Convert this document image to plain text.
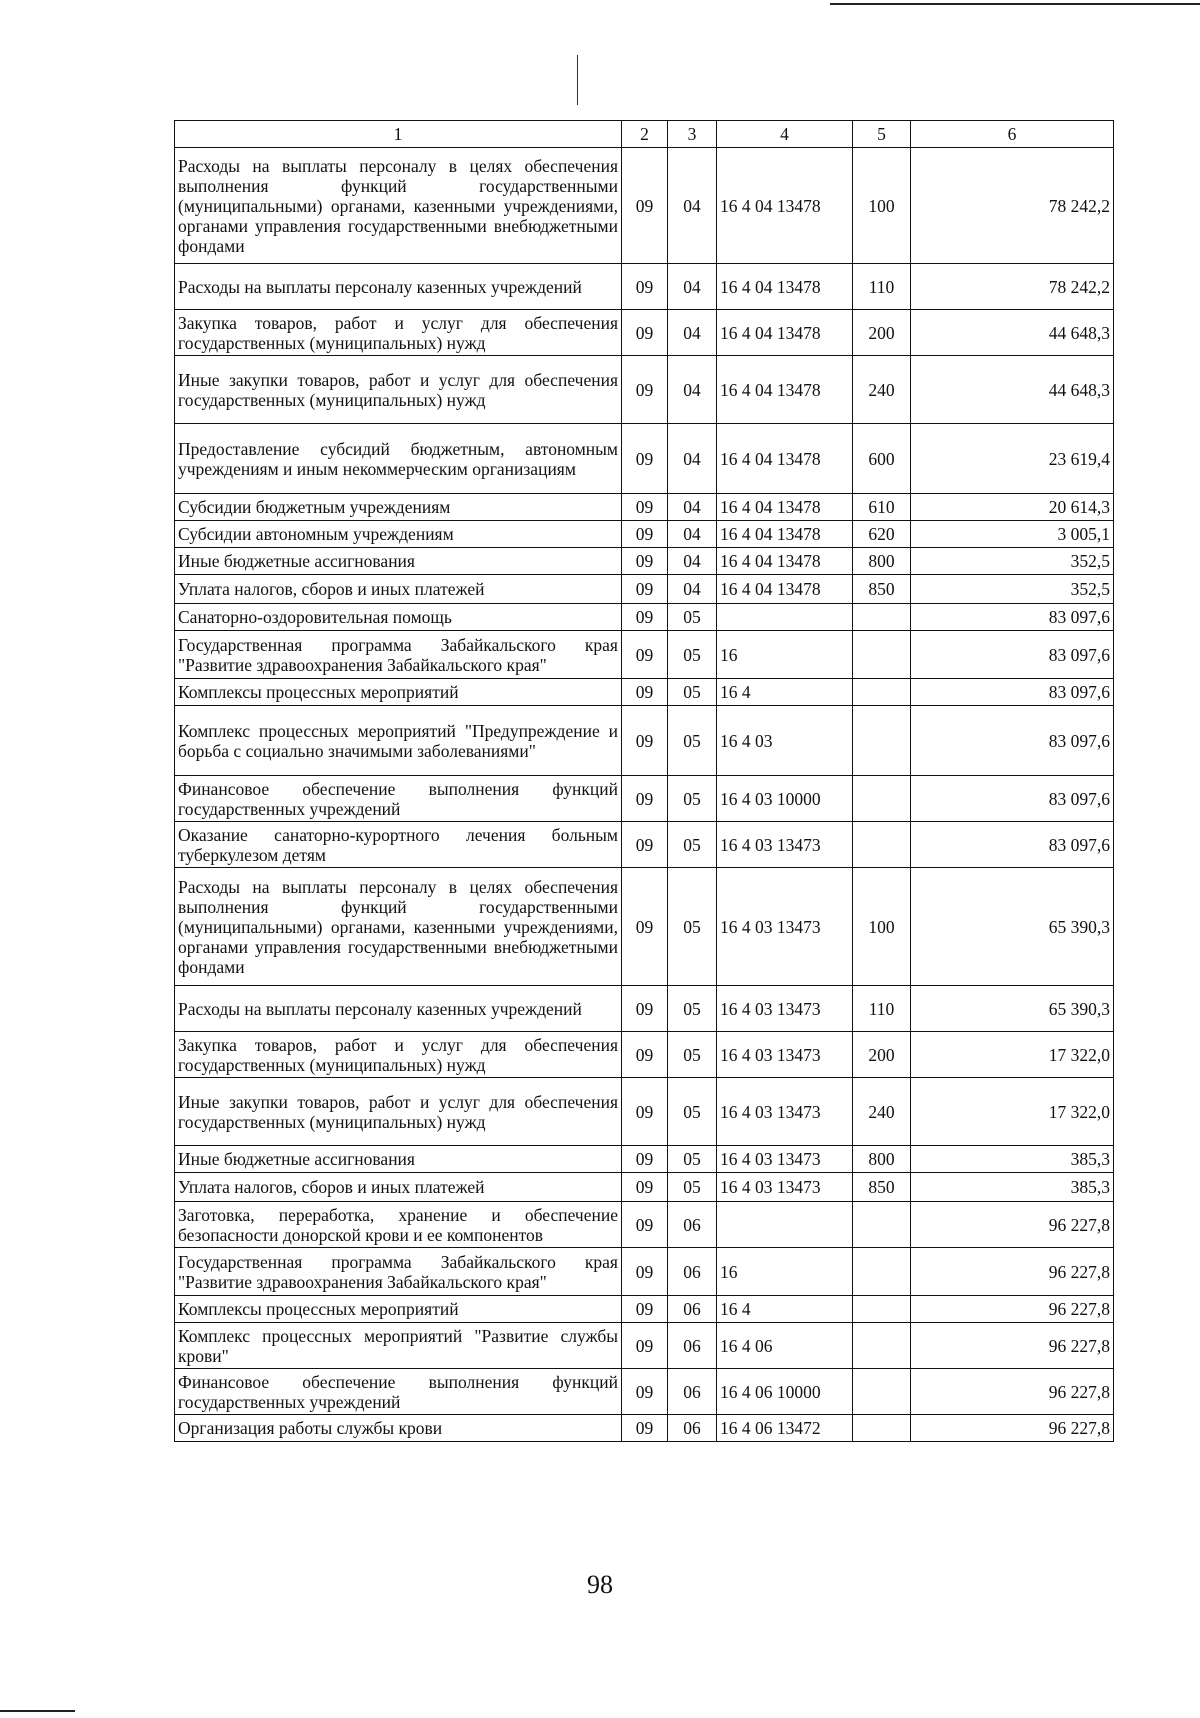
1	2	3	4	5	6
Расходы на выплаты персоналу в целях обеспечения выполнения функций государственными (муниципальными) органами, казенными учреждениями, органами управления государственными внебюджетными фондами	09	04	16 4 04 13478	100	78 242,2
Расходы на выплаты персоналу казенных учреждений	09	04	16 4 04 13478	110	78 242,2
Закупка товаров, работ и услуг для обеспечения государственных (муниципальных) нужд	09	04	16 4 04 13478	200	44 648,3
Иные закупки товаров, работ и услуг для обеспечения государственных (муниципальных) нужд	09	04	16 4 04 13478	240	44 648,3
Предоставление субсидий бюджетным, автономным учреждениям и иным некоммерческим организациям	09	04	16 4 04 13478	600	23 619,4
Субсидии бюджетным учреждениям	09	04	16 4 04 13478	610	20 614,3
Субсидии автономным учреждениям	09	04	16 4 04 13478	620	3 005,1
Иные бюджетные ассигнования	09	04	16 4 04 13478	800	352,5
Уплата налогов, сборов и иных платежей	09	04	16 4 04 13478	850	352,5
Санаторно-оздоровительная помощь	09	05			83 097,6
Государственная программа Забайкальского края "Развитие здравоохранения Забайкальского края"	09	05	16		83 097,6
Комплексы процессных мероприятий	09	05	16 4		83 097,6
Комплекс процессных мероприятий "Предупреждение и борьба с социально значимыми заболеваниями"	09	05	16 4 03		83 097,6
Финансовое обеспечение выполнения функций государственных учреждений	09	05	16 4 03 10000		83 097,6
Оказание санаторно-курортного лечения больным туберкулезом детям	09	05	16 4 03 13473		83 097,6
Расходы на выплаты персоналу в целях обеспечения выполнения функций государственными (муниципальными) органами, казенными учреждениями, органами управления государственными внебюджетными фондами	09	05	16 4 03 13473	100	65 390,3
Расходы на выплаты персоналу казенных учреждений	09	05	16 4 03 13473	110	65 390,3
Закупка товаров, работ и услуг для обеспечения государственных (муниципальных) нужд	09	05	16 4 03 13473	200	17 322,0
Иные закупки товаров, работ и услуг для обеспечения государственных (муниципальных) нужд	09	05	16 4 03 13473	240	17 322,0
Иные бюджетные ассигнования	09	05	16 4 03 13473	800	385,3
Уплата налогов, сборов и иных платежей	09	05	16 4 03 13473	850	385,3
Заготовка, переработка, хранение и обеспечение безопасности донорской крови и ее компонентов	09	06			96 227,8
Государственная программа Забайкальского края "Развитие здравоохранения Забайкальского края"	09	06	16		96 227,8
Комплексы процессных мероприятий	09	06	16 4		96 227,8
Комплекс процессных мероприятий "Развитие службы крови"	09	06	16 4 06		96 227,8
Финансовое обеспечение выполнения функций государственных учреждений	09	06	16 4 06 10000		96 227,8
Организация работы службы крови	09	06	16 4 06 13472		96 227,8
98
